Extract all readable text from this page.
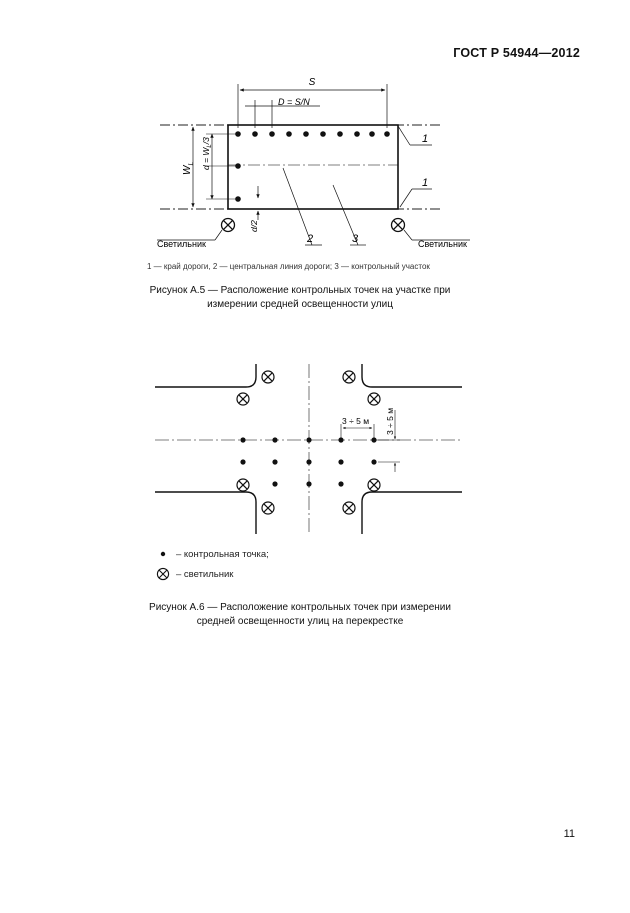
ГОСТ Р 54944—2012
S
D = S/N
$W_L$ $d = W_L/3$
d/2
1
1
2	3
Светильник	Светильник
1 — край дороги, 2 — центральная линия дороги; 3 — контрольный участок
Рисунок А.5 — Расположение контрольных точек на участке при
измерении средней освещенности улиц
3 ÷ 5 м 3 ÷ 5 м
– контрольная точка;
– светильник
Рисунок А.6 — Расположение контрольных точек при измерении
средней освещенности улиц на перекрестке
11
